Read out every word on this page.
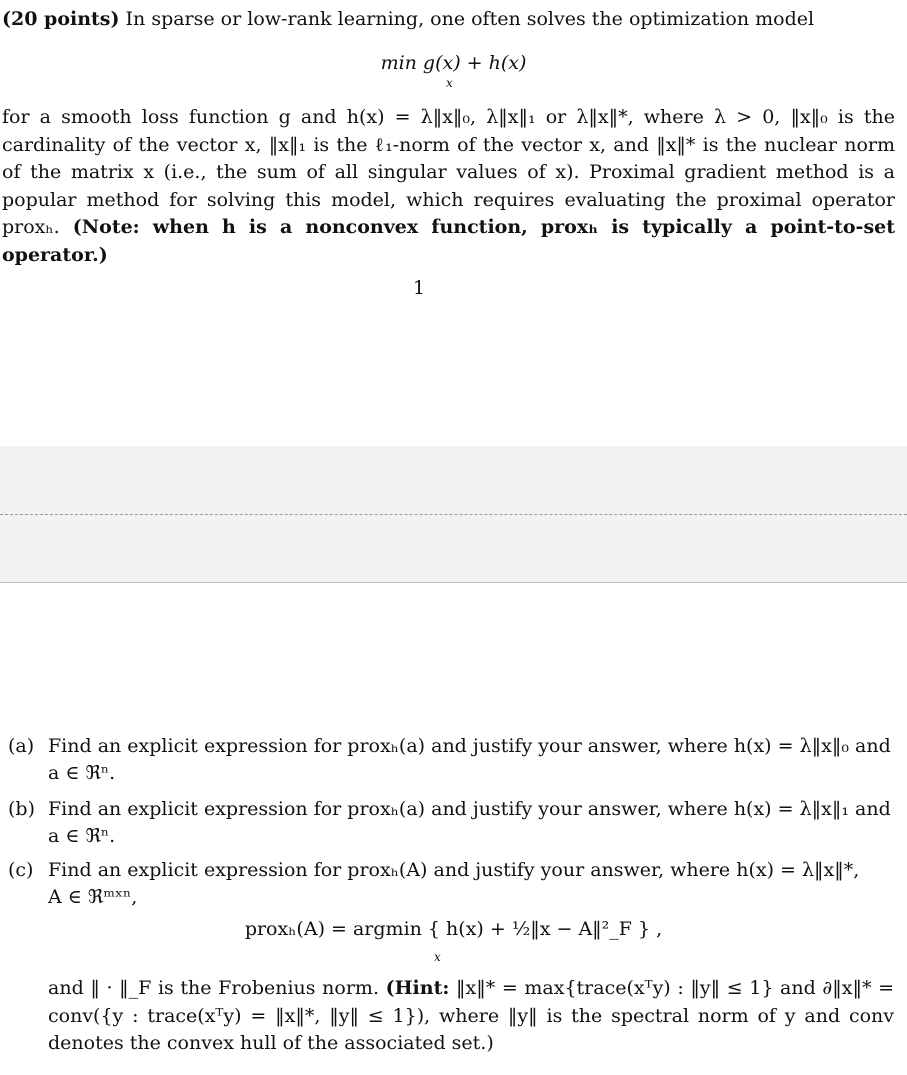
(20 points) In sparse or low-rank learning, one often solves the optimization model
min g(x) + h(x)
x
for a smooth loss function g and h(x) = λ‖x‖₀, λ‖x‖₁ or λ‖x‖*, where λ > 0, ‖x‖₀ is the cardinality of the vector x, ‖x‖₁ is the ℓ₁-norm of the vector x, and ‖x‖* is the nuclear norm of the matrix x (i.e., the sum of all singular values of x). Proximal gradient method is a popular method for solving this model, which requires evaluating the proximal operator proxₕ. (Note: when h is a nonconvex function, proxₕ is typically a point-to-set operator.)
1
(a) Find an explicit expression for proxₕ(a) and justify your answer, where h(x) = λ‖x‖₀ and
a ∈ ℜⁿ.
(b) Find an explicit expression for proxₕ(a) and justify your answer, where h(x) = λ‖x‖₁ and
a ∈ ℜⁿ.
(c) Find an explicit expression for proxₕ(A) and justify your answer, where h(x) = λ‖x‖*,
A ∈ ℜᵐˣⁿ,
proxₕ(A) = argmin { h(x) + ½‖x − A‖²_F } ,
x
and ‖ · ‖_F is the Frobenius norm. (Hint: ‖x‖* = max{trace(xᵀy) : ‖y‖ ≤ 1} and ∂‖x‖* = conv({y : trace(xᵀy) = ‖x‖*, ‖y‖ ≤ 1}), where ‖y‖ is the spectral norm of y and conv denotes the convex hull of the associated set.)
